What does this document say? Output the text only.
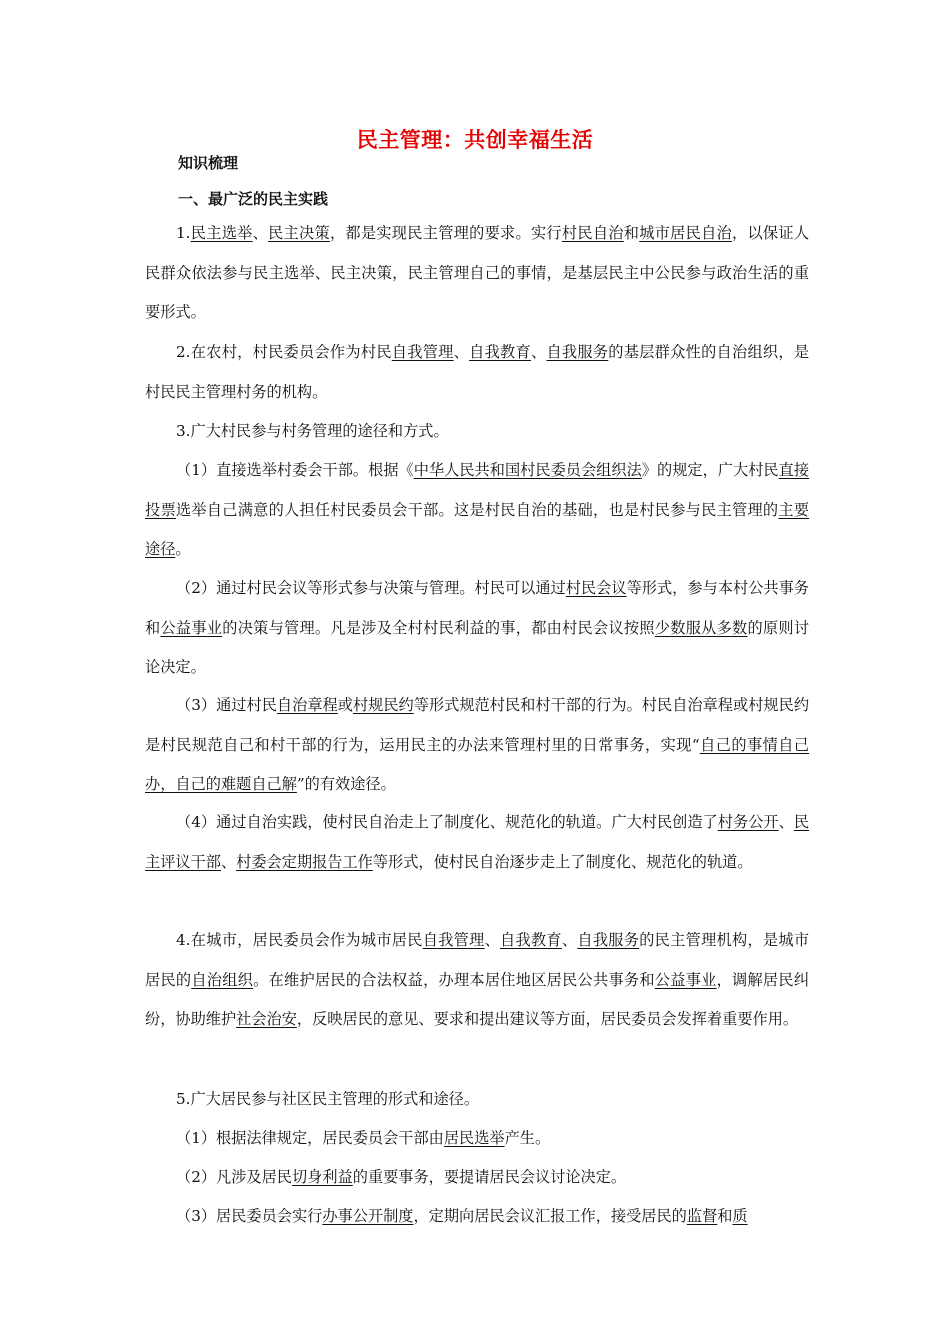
民主管理：共创幸福生活
知识梳理
一、最广泛的民主实践
1.民主选举、民主决策，都是实现民主管理的要求。实行村民自治和城市居民自治，以保证人民群众依法参与民主选举、民主决策，民主管理自己的事情，是基层民主中公民参与政治生活的重要形式。
2.在农村，村民委员会作为村民自我管理、自我教育、自我服务的基层群众性的自治组织，是村民民主管理村务的机构。
3.广大村民参与村务管理的途径和方式。
（1）直接选举村委会干部。根据《中华人民共和国村民委员会组织法》的规定，广大村民直接投票选举自己满意的人担任村民委员会干部。这是村民自治的基础，也是村民参与民主管理的主要途径。
（2）通过村民会议等形式参与决策与管理。村民可以通过村民会议等形式，参与本村公共事务和公益事业的决策与管理。凡是涉及全村村民利益的事，都由村民会议按照少数服从多数的原则讨论决定。
（3）通过村民自治章程或村规民约等形式规范村民和村干部的行为。村民自治章程或村规民约是村民规范自己和村干部的行为，运用民主的办法来管理村里的日常事务，实现“自己的事情自己办，自己的难题自己解”的有效途径。
（4）通过自治实践，使村民自治走上了制度化、规范化的轨道。广大村民创造了村务公开、民主评议干部、村委会定期报告工作等形式，使村民自治逐步走上了制度化、规范化的轨道。
4.在城市，居民委员会作为城市居民自我管理、自我教育、自我服务的民主管理机构，是城市居民的自治组织。在维护居民的合法权益，办理本居住地区居民公共事务和公益事业，调解居民纠纷，协助维护社会治安，反映居民的意见、要求和提出建议等方面，居民委员会发挥着重要作用。
5.广大居民参与社区民主管理的形式和途径。
（1）根据法律规定，居民委员会干部由居民选举产生。
（2）凡涉及居民切身利益的重要事务，要提请居民会议讨论决定。
（3）居民委员会实行办事公开制度，定期向居民会议汇报工作，接受居民的监督和质
